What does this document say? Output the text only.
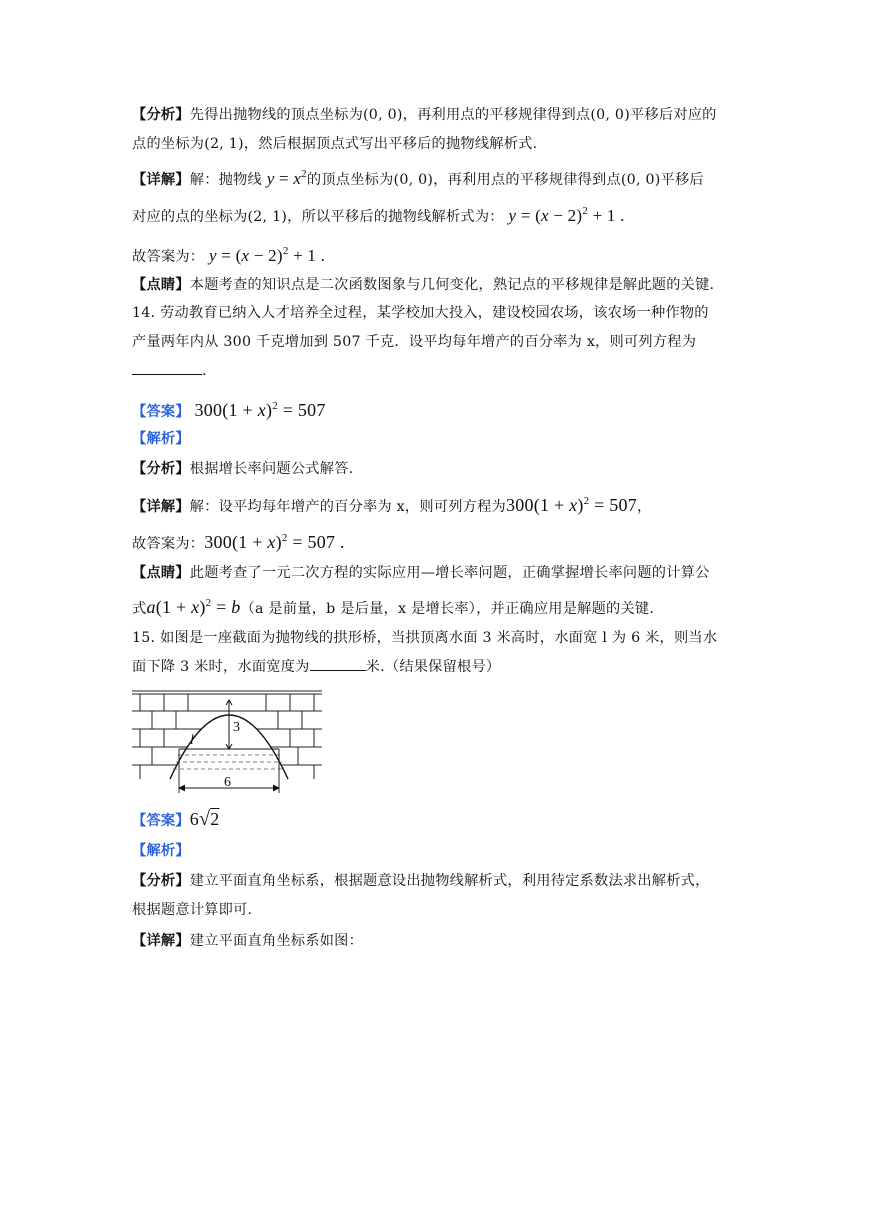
【分析】先得出抛物线的顶点坐标为(0, 0)，再利用点的平移规律得到点(0, 0)平移后对应的
点的坐标为(2, 1)，然后根据顶点式写出平移后的抛物线解析式.
【详解】解：抛物线 $y = x^2$的顶点坐标为(0, 0)，再利用点的平移规律得到点(0, 0)平移后
对应的点的坐标为(2, 1)，所以平移后的抛物线解析式为： $y = (x - 2)^2 + 1$ .
故答案为： $y = (x - 2)^2 + 1$ .
【点睛】本题考查的知识点是二次函数图象与几何变化，熟记点的平移规律是解此题的关键.
14. 劳动教育已纳入人才培养全过程，某学校加大投入，建设校园农场，该农场一种作物的
产量两年内从 300 千克增加到 507 千克．设平均每年增产的百分率为 x，则可列方程为
.
【答案】 $300(1 + x)^2 = 507$
【解析】
【分析】根据增长率问题公式解答.
【详解】解：设平均每年增产的百分率为 x，则可列方程为$300(1 + x)^2 = 507$，
故答案为：$300(1 + x)^2 = 507$ .
【点睛】此题考查了一元二次方程的实际应用—增长率问题，正确掌握增长率问题的计算公
式$a(1 + x)^2 = b(a$ 是前量，b 是后量，x 是增长率），并正确应用是解题的关键.
15. 如图是一座截面为抛物线的拱形桥，当拱顶离水面 3 米高时，水面宽 l 为 6 米，则当水
面下降 3 米时，水面宽度为	米.（结果保留根号）
3
l
6
【答案】6√2
【解析】
【分析】建立平面直角坐标系，根据题意设出抛物线解析式，利用待定系数法求出解析式，
根据题意计算即可.
【详解】建立平面直角坐标系如图：
